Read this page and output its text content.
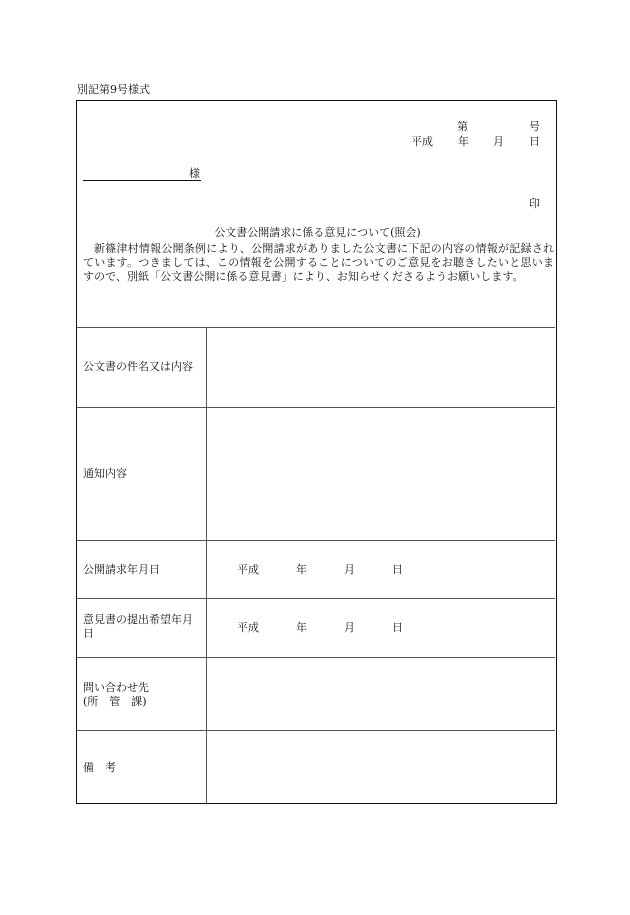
別記第9号様式
第	号
平成 年 月 日
様
印
公文書公開請求に係る意見について(照会)
新篠津村情報公開条例により、公開請求がありました公文書に下記の内容の情報が記録されています。つきましては、この情報を公開することについてのご意見をお聴きしたいと思いますので、別紙「公文書公開に係る意見書」により、お知らせくださるようお願いします。
公文書の件名又は内容
通知内容
公開請求年月日	平成	年	月	日
意見書の提出希望年月日	平成	年	月	日
問い合わせ先
(所　管　課)
備　考
